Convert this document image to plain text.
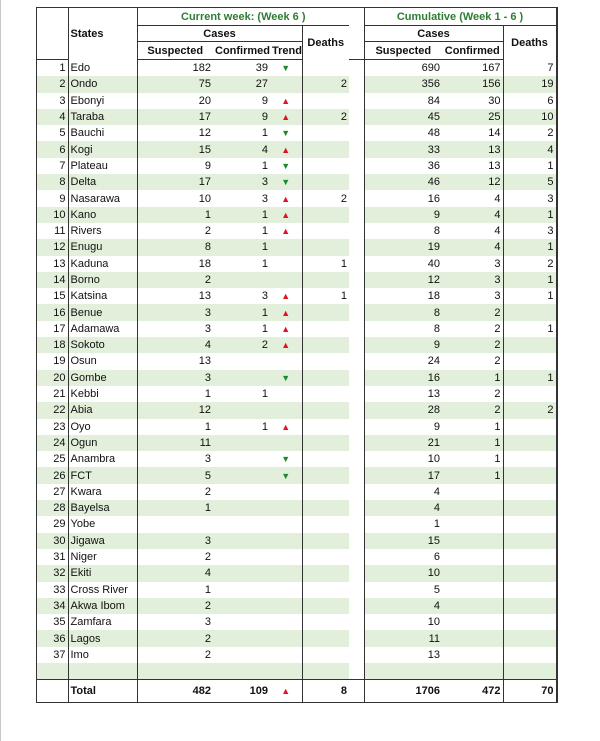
	States	Current week: (Week 6 )					Cumulative (Week 1 - 6 )		
		Cases			Deaths		Cases		Deaths
		Suspected	Confirmed	Trend			Suspected	Confirmed	
1	Edo	182	39	▼			690	167	7
2	Ondo	75	27		2		356	156	19
3	Ebonyi	20	9	▲			84	30	6
4	Taraba	17	9	▲	2		45	25	10
5	Bauchi	12	1	▼			48	14	2
6	Kogi	15	4	▲			33	13	4
7	Plateau	9	1	▼			36	13	1
8	Delta	17	3	▼			46	12	5
9	Nasarawa	10	3	▲	2		16	4	3
10	Kano	1	1	▲			9	4	1
11	Rivers	2	1	▲			8	4	3
12	Enugu	8	1				19	4	1
13	Kaduna	18	1		1		40	3	2
14	Borno	2					12	3	1
15	Katsina	13	3	▲	1		18	3	1
16	Benue	3	1	▲			8	2	
17	Adamawa	3	1	▲			8	2	1
18	Sokoto	4	2	▲			9	2	
19	Osun	13					24	2	
20	Gombe	3		▼			16	1	1
21	Kebbi	1	1				13	2	
22	Abia	12					28	2	2
23	Oyo	1	1	▲			9	1	
24	Ogun	11					21	1	
25	Anambra	3		▼			10	1	
26	FCT	5		▼			17	1	
27	Kwara	2					4		
28	Bayelsa	1					4		
29	Yobe						1		
30	Jigawa	3					15		
31	Niger	2					6		
32	Ekiti	4					10		
33	Cross River	1					5		
34	Akwa Ibom	2					4		
35	Zamfara	3					10		
36	Lagos	2					11		
37	Imo	2					13		

	Total	482	109	▲	8		1706	472	70
